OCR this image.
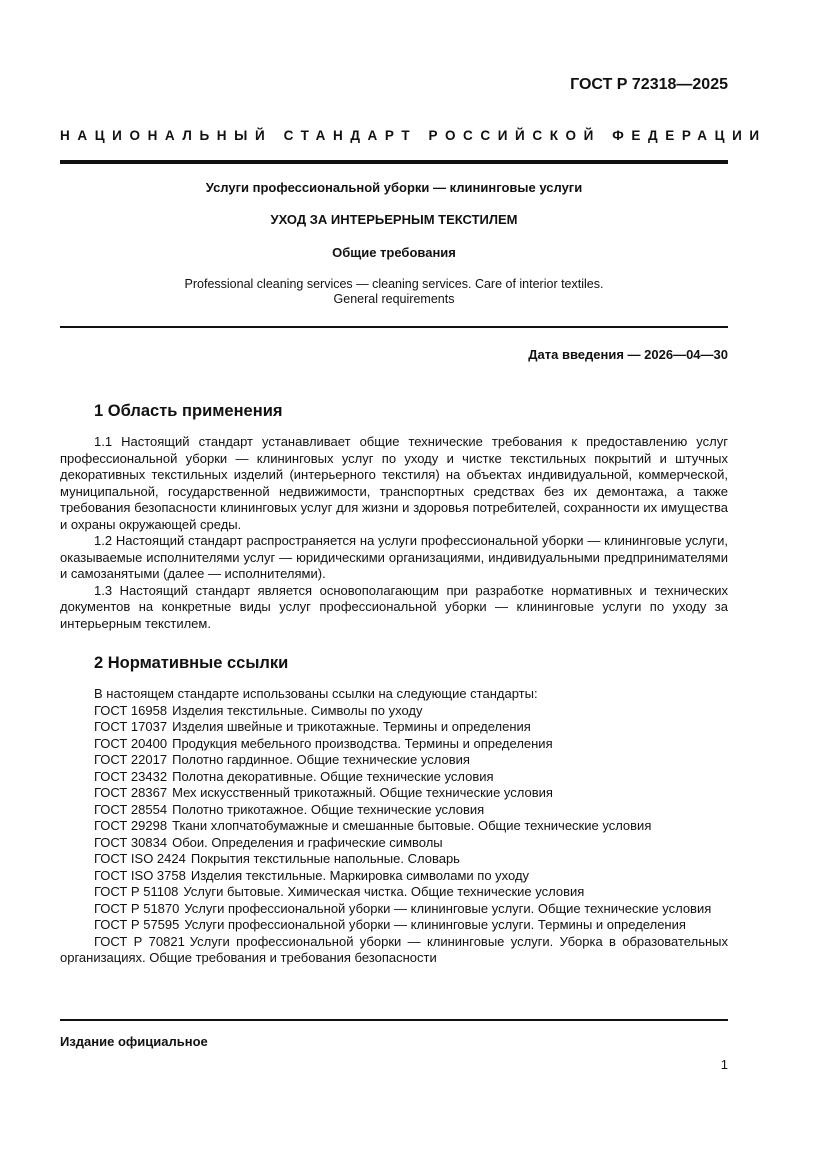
ГОСТ Р 72318—2025
НАЦИОНАЛЬНЫЙ СТАНДАРТ РОССИЙСКОЙ ФЕДЕРАЦИИ
Услуги профессиональной уборки — клининговые услуги
УХОД ЗА ИНТЕРЬЕРНЫМ ТЕКСТИЛЕМ
Общие требования
Professional cleaning services — cleaning services. Care of interior textiles.
General requirements
Дата введения — 2026—04—30
1 Область применения

1.1 Настоящий стандарт устанавливает общие технические требования к предоставлению услуг профессиональной уборки — клининговых услуг по уходу и чистке текстильных покрытий и штучных декоративных текстильных изделий (интерьерного текстиля) на объектах индивидуальной, коммерческой, муниципальной, государственной недвижимости, транспортных средствах без их демонтажа, а также требования безопасности клининговых услуг для жизни и здоровья потребителей, сохранности их имущества и охраны окружающей среды.

1.2 Настоящий стандарт распространяется на услуги профессиональной уборки — клининговые услуги, оказываемые исполнителями услуг — юридическими организациями, индивидуальными предпринимателями и самозанятыми (далее — исполнителями).

1.3 Настоящий стандарт является основополагающим при разработке нормативных и технических документов на конкретные виды услуг профессиональной уборки — клининговые услуги по уходу за интерьерным текстилем.

2 Нормативные ссылки
В настоящем стандарте использованы ссылки на следующие стандарты:
ГОСТ 16958 Изделия текстильные. Символы по уходу
ГОСТ 17037 Изделия швейные и трикотажные. Термины и определения
ГОСТ 20400 Продукция мебельного производства. Термины и определения
ГОСТ 22017 Полотно гардинное. Общие технические условия
ГОСТ 23432 Полотна декоративные. Общие технические условия
ГОСТ 28367 Мех искусственный трикотажный. Общие технические условия
ГОСТ 28554 Полотно трикотажное. Общие технические условия
ГОСТ 29298 Ткани хлопчатобумажные и смешанные бытовые. Общие технические условия
ГОСТ 30834 Обои. Определения и графические символы
ГОСТ ISO 2424 Покрытия текстильные напольные. Словарь
ГОСТ ISO 3758 Изделия текстильные. Маркировка символами по уходу
ГОСТ Р 51108 Услуги бытовые. Химическая чистка. Общие технические условия
ГОСТ Р 51870 Услуги профессиональной уборки — клининговые услуги. Общие технические условия
ГОСТ Р 57595 Услуги профессиональной уборки — клининговые услуги. Термины и определения
ГОСТ Р 70821 Услуги профессиональной уборки — клининговые услуги. Уборка в образовательных организациях. Общие требования и требования безопасности
Издание официальное
1
